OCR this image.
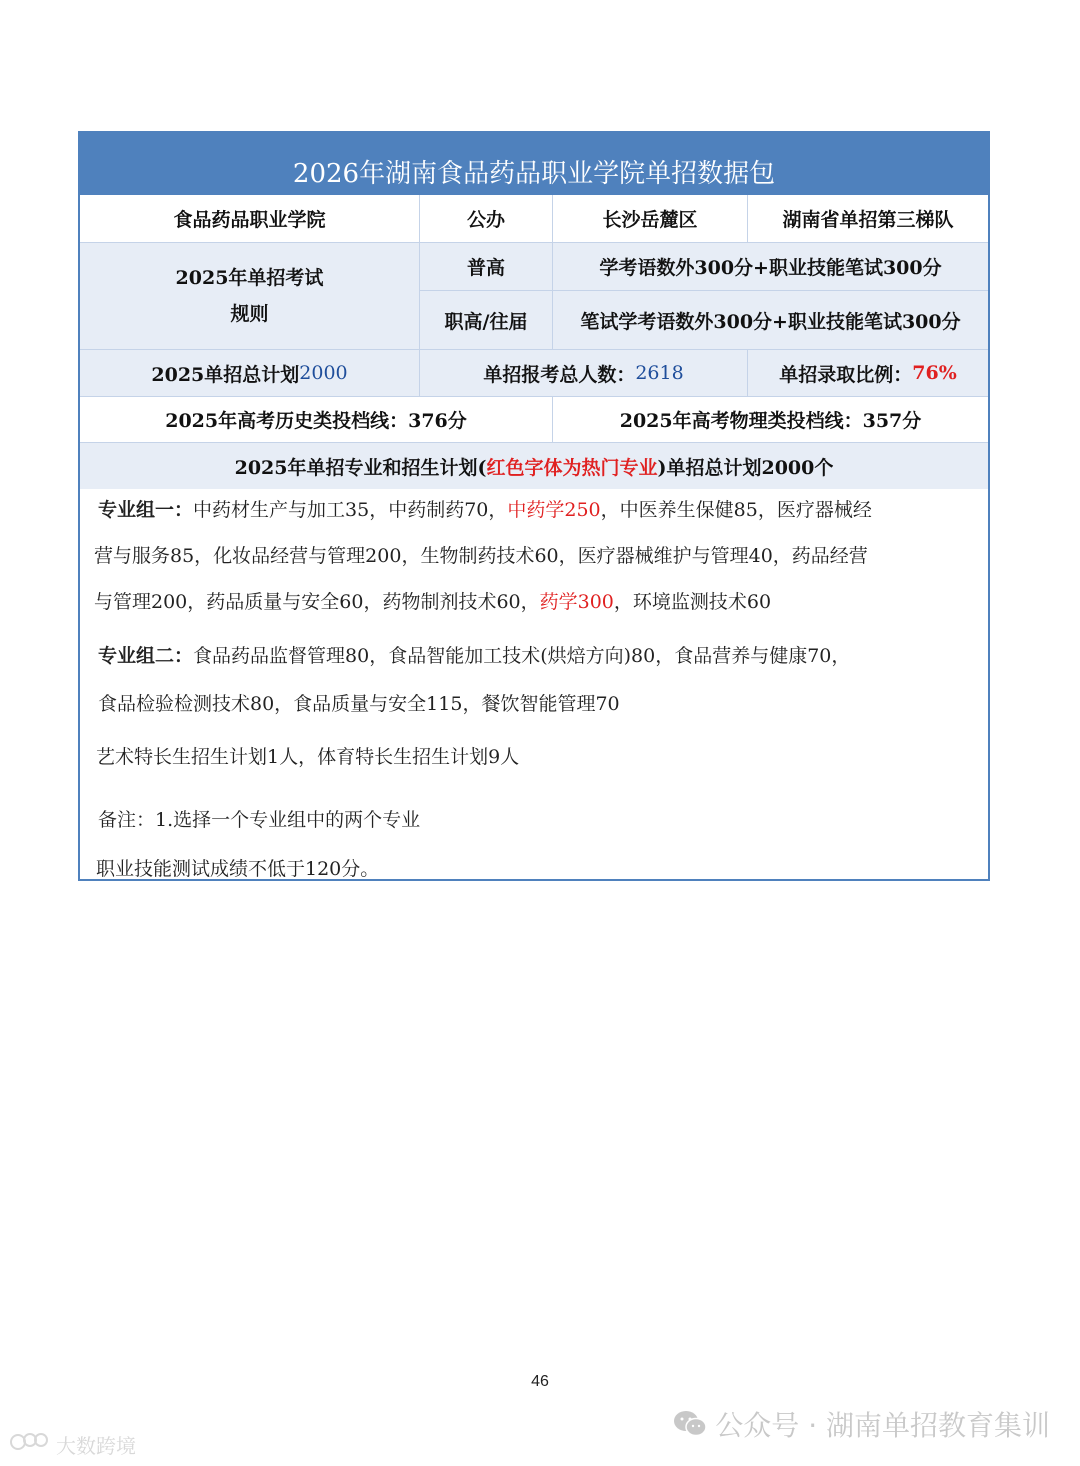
2026年湖南食品药品职业学院单招数据包
食品药品职业学院	公办	长沙岳麓区	湖南省单招第三梯队
2025年单招考试
规则
普高	学考语数外300分+职业技能笔试300分
职高/往届	笔试学考语数外300分+职业技能笔试300分
2025单招总计划 2000	单招报考总人数： 2618	单招录取比例： 76%
2025年高考历史类投档线：376分	2025年高考物理类投档线：357分
2025年单招专业和招生计划( 红色字体为热门专业 )单招总计划2000个
专业组一：中药材生产与加工35，中药制药70，中药学250，中医养生保健85，医疗器械经
营与服务85，化妆品经营与管理200，生物制药技术60，医疗器械维护与管理40，药品经营
与管理200，药品质量与安全60，药物制剂技术60，药学300，环境监测技术60
专业组二：食品药品监督管理80，食品智能加工技术(烘焙方向)80，食品营养与健康70，
食品检验检测技术80，食品质量与安全115，餐饮智能管理70
艺术特长生招生计划1人，体育特长生招生计划9人
备注：1.选择一个专业组中的两个专业
职业技能测试成绩不低于120分。
46
大数跨境
公众号 · 湖南单招教育集训
